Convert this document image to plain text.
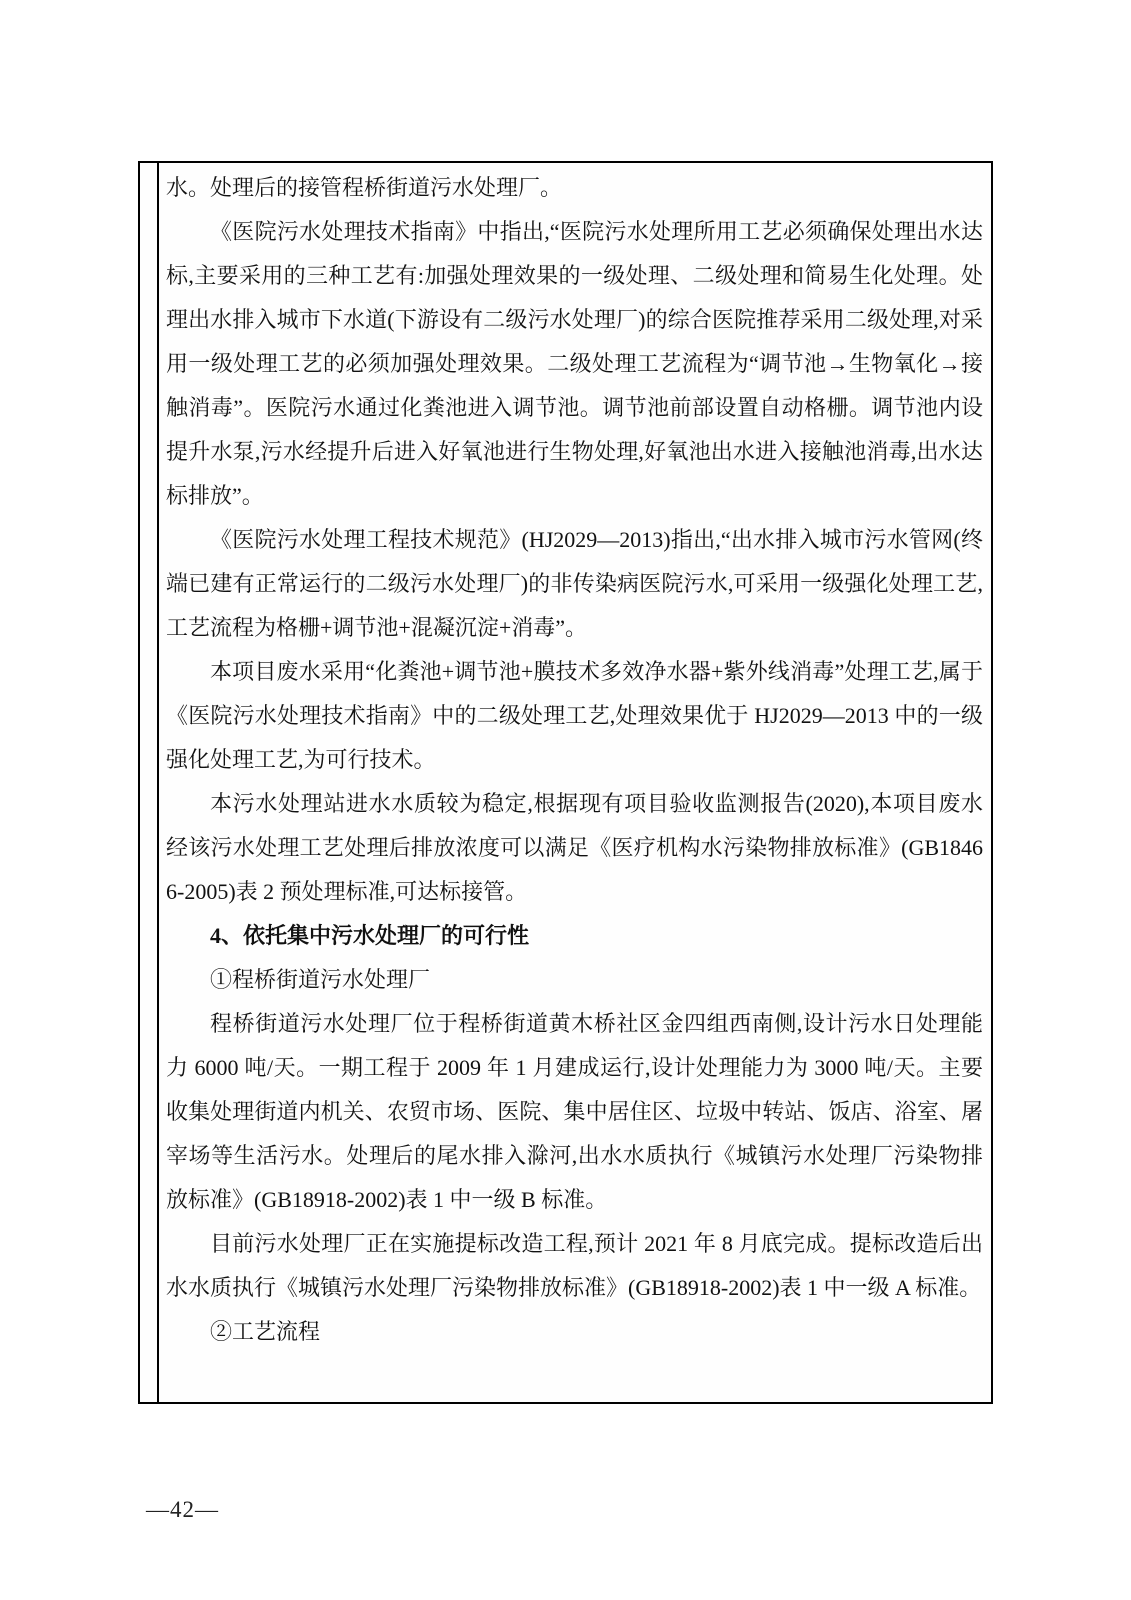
水。处理后的接管程桥街道污水处理厂。

《医院污水处理技术指南》中指出,“医院污水处理所用工艺必须确保处理出水达标,主要采用的三种工艺有:加强处理效果的一级处理、二级处理和简易生化处理。处理出水排入城市下水道(下游设有二级污水处理厂)的综合医院推荐采用二级处理,对采用一级处理工艺的必须加强处理效果。二级处理工艺流程为“调节池→生物氧化→接触消毒”。医院污水通过化粪池进入调节池。调节池前部设置自动格栅。调节池内设提升水泵,污水经提升后进入好氧池进行生物处理,好氧池出水进入接触池消毒,出水达标排放”。

《医院污水处理工程技术规范》(HJ2029—2013)指出,“出水排入城市污水管网(终端已建有正常运行的二级污水处理厂)的非传染病医院污水,可采用一级强化处理工艺,工艺流程为格栅+调节池+混凝沉淀+消毒”。

本项目废水采用“化粪池+调节池+膜技术多效净水器+紫外线消毒”处理工艺,属于《医院污水处理技术指南》中的二级处理工艺,处理效果优于 HJ2029—2013 中的一级强化处理工艺,为可行技术。

本污水处理站进水水质较为稳定,根据现有项目验收监测报告(2020),本项目废水经该污水处理工艺处理后排放浓度可以满足《医疗机构水污染物排放标准》(GB18466-2005)表 2 预处理标准,可达标接管。

4、依托集中污水处理厂的可行性

①程桥街道污水处理厂

程桥街道污水处理厂位于程桥街道黄木桥社区金四组西南侧,设计污水日处理能力 6000 吨/天。一期工程于 2009 年 1 月建成运行,设计处理能力为 3000 吨/天。主要收集处理街道内机关、农贸市场、医院、集中居住区、垃圾中转站、饭店、浴室、屠宰场等生活污水。处理后的尾水排入滁河,出水水质执行《城镇污水处理厂污染物排放标准》(GB18918-2002)表 1 中一级 B 标准。

目前污水处理厂正在实施提标改造工程,预计 2021 年 8 月底完成。提标改造后出水水质执行《城镇污水处理厂污染物排放标准》(GB18918-2002)表 1 中一级 A 标准。

②工艺流程

—42—
